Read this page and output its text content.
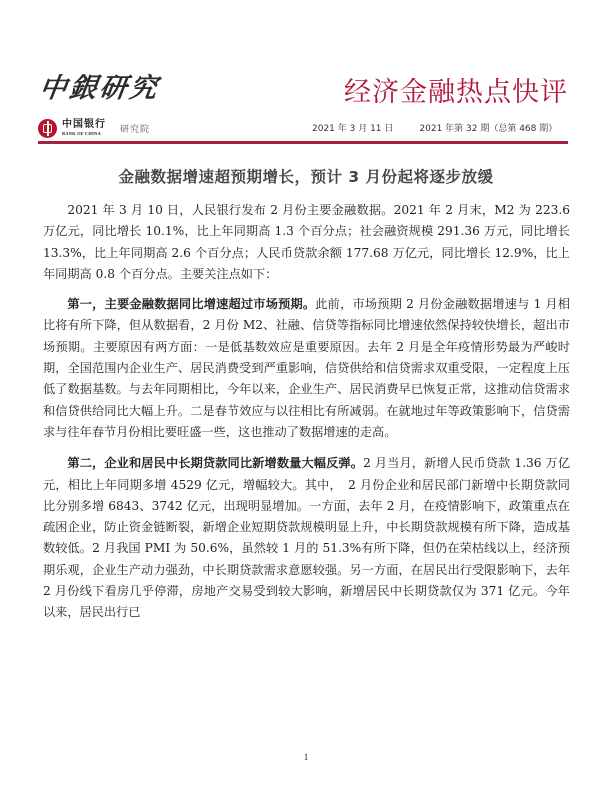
中銀研究
中国银行
BANK OF CHINA	研究院
经济金融热点快评
2021 年 3 月 11 日	2021 年第 32 期（总第 468 期）
金融数据增速超预期增长，预计 3 月份起将逐步放缓

2021 年 3 月 10 日，人民银行发布 2 月份主要金融数据。2021 年 2 月末，M2 为 223.6 万亿元，同比增长 10.1%，比上年同期高 1.3 个百分点；社会融资规模 291.36 万元，同比增长 13.3%，比上年同期高 2.6 个百分点；人民币贷款余额 177.68 万亿元，同比增长 12.9%，比上年同期高 0.8 个百分点。主要关注点如下：

第一，主要金融数据同比增速超过市场预期。此前，市场预期 2 月份金融数据增速与 1 月相比将有所下降，但从数据看，2 月份 M2、社融、信贷等指标同比增速依然保持较快增长，超出市场预期。主要原因有两方面：一是低基数效应是重要原因。去年 2 月是全年疫情形势最为严峻时期，全国范围内企业生产、居民消费受到严重影响，信贷供给和信贷需求双重受限，一定程度上压低了数据基数。与去年同期相比，今年以来，企业生产、居民消费早已恢复正常，这推动信贷需求和信贷供给同比大幅上升。二是春节效应与以往相比有所减弱。在就地过年等政策影响下，信贷需求与往年春节月份相比要旺盛一些，这也推动了数据增速的走高。

第二，企业和居民中长期贷款同比新增数量大幅反弹。2 月当月，新增人民币贷款 1.36 万亿元，相比上年同期多增 4529 亿元，增幅较大。其中，　2 月份企业和居民部门新增中长期贷款同比分别多增 6843、3742 亿元，出现明显增加。一方面，去年 2 月，在疫情影响下，政策重点在疏困企业，防止资金链断裂，新增企业短期贷款规模明显上升，中长期贷款规模有所下降，造成基数较低。2 月我国 PMI 为 50.6%，虽然较 1 月的 51.3%有所下降，但仍在荣枯线以上，经济预期乐观，企业生产动力强劲，中长期贷款需求意愿较强。另一方面，在居民出行受限影响下，去年 2 月份线下看房几乎停滞，房地产交易受到较大影响，新增居民中长期贷款仅为 371 亿元。今年以来，居民出行已

1
